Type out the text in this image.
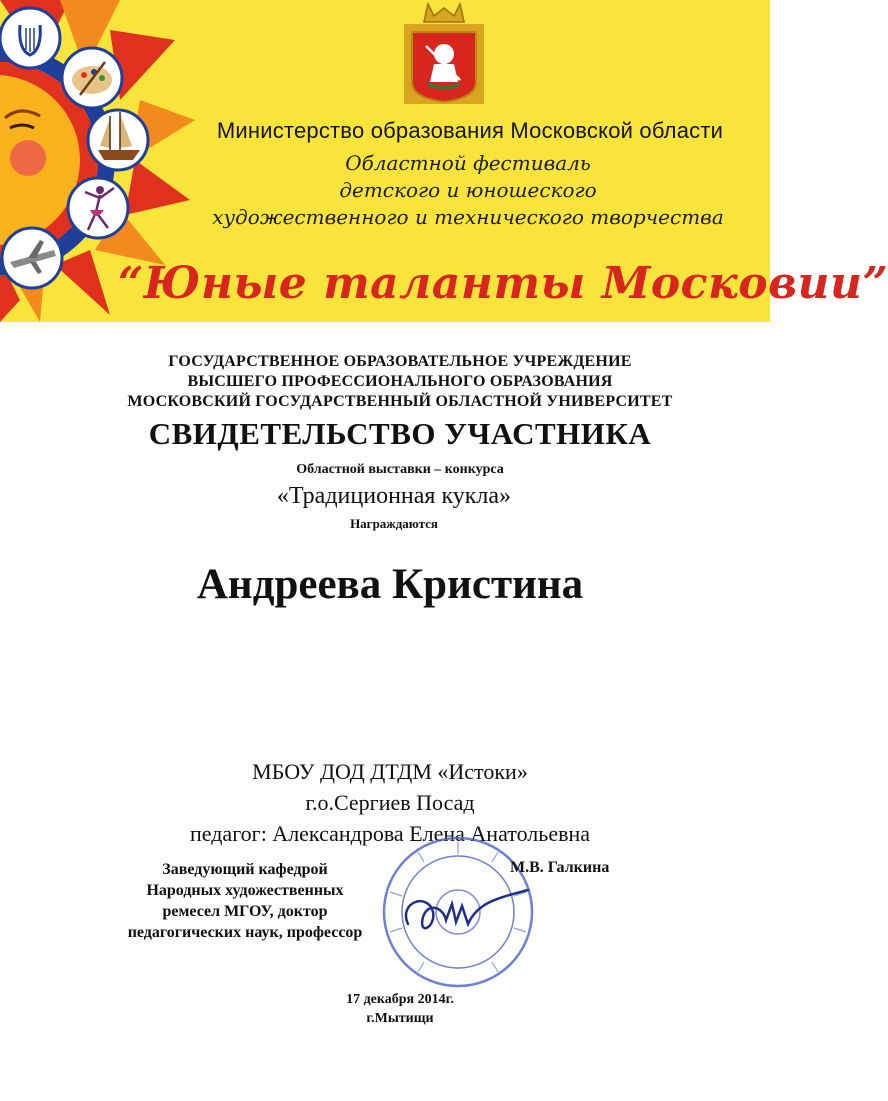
Министерство образования Московской области
Областной фестиваль
детского и юношеского
художественного и технического творчества
“Юные таланты Московии”
ГОСУДАРСТВЕННОЕ ОБРАЗОВАТЕЛЬНОЕ УЧРЕЖДЕНИЕ
ВЫСШЕГО ПРОФЕССИОНАЛЬНОГО ОБРАЗОВАНИЯ
МОСКОВСКИЙ ГОСУДАРСТВЕННЫЙ ОБЛАСТНОЙ УНИВЕРСИТЕТ
СВИДЕТЕЛЬСТВО УЧАСТНИКА
Областной выставки – конкурса
«Традиционная кукла»
Награждаются
Андреева Кристина
МБОУ ДОД ДТДМ «Истоки»
г.о.Сергиев Посад
педагог: Александрова Елена Анатольевна
Заведующий кафедрой
Народных художественных
ремесел МГОУ, доктор
педагогических наук, профессор
М.В. Галкина
17 декабря 2014г.
г.Мытищи
